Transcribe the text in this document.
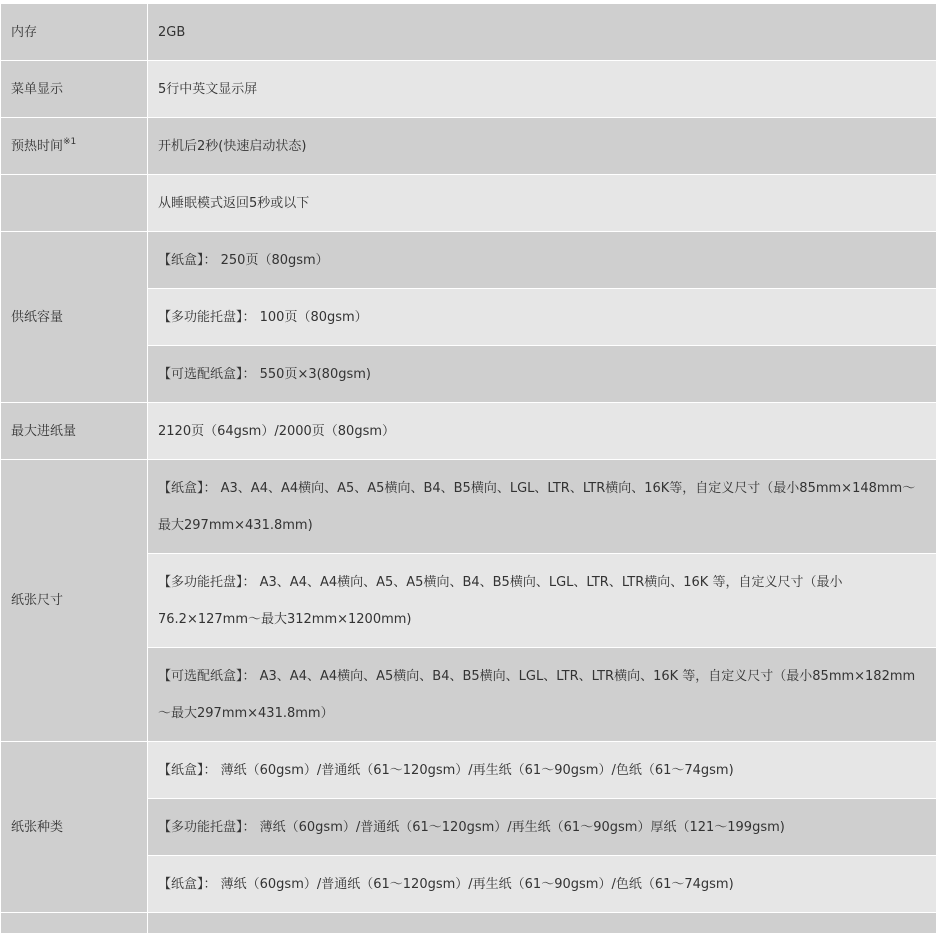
内存	2GB
菜单显示	5行中英文显示屏
预热时间$^{※1}$	开机后2秒(快速启动状态)
	从睡眠模式返回5秒或以下
供纸容量	【纸盒】： 250页（80gsm）
	【多功能托盘】： 100页（80gsm）
	【可选配纸盒】： 550页×3(80gsm)
最大进纸量	2120页（64gsm）/2000页（80gsm）
纸张尺寸	【纸盒】： A3、A4、A4横向、A5、A5横向、B4、B5横向、LGL、LTR、LTR横向、16K等，自定义尺寸（最小85mm×148mm～最大297mm×431.8mm)
	【多功能托盘】： A3、A4、A4横向、A5、A5横向、B4、B5横向、LGL、LTR、LTR横向、16K 等，自定义尺寸（最小76.2×127mm～最大312mm×1200mm)
	【可选配纸盒】： A3、A4、A4横向、A5横向、B4、B5横向、LGL、LTR、LTR横向、16K 等，自定义尺寸（最小85mm×182mm～最大297mm×431.8mm）
纸张种类	【纸盒】： 薄纸（60gsm）/普通纸（61～120gsm）/再生纸（61～90gsm）/色纸（61～74gsm)
	【多功能托盘】： 薄纸（60gsm）/普通纸（61～120gsm）/再生纸（61～90gsm）厚纸（121～199gsm)
	【纸盒】： 薄纸（60gsm）/普通纸（61～120gsm）/再生纸（61～90gsm）/色纸（61～74gsm)
